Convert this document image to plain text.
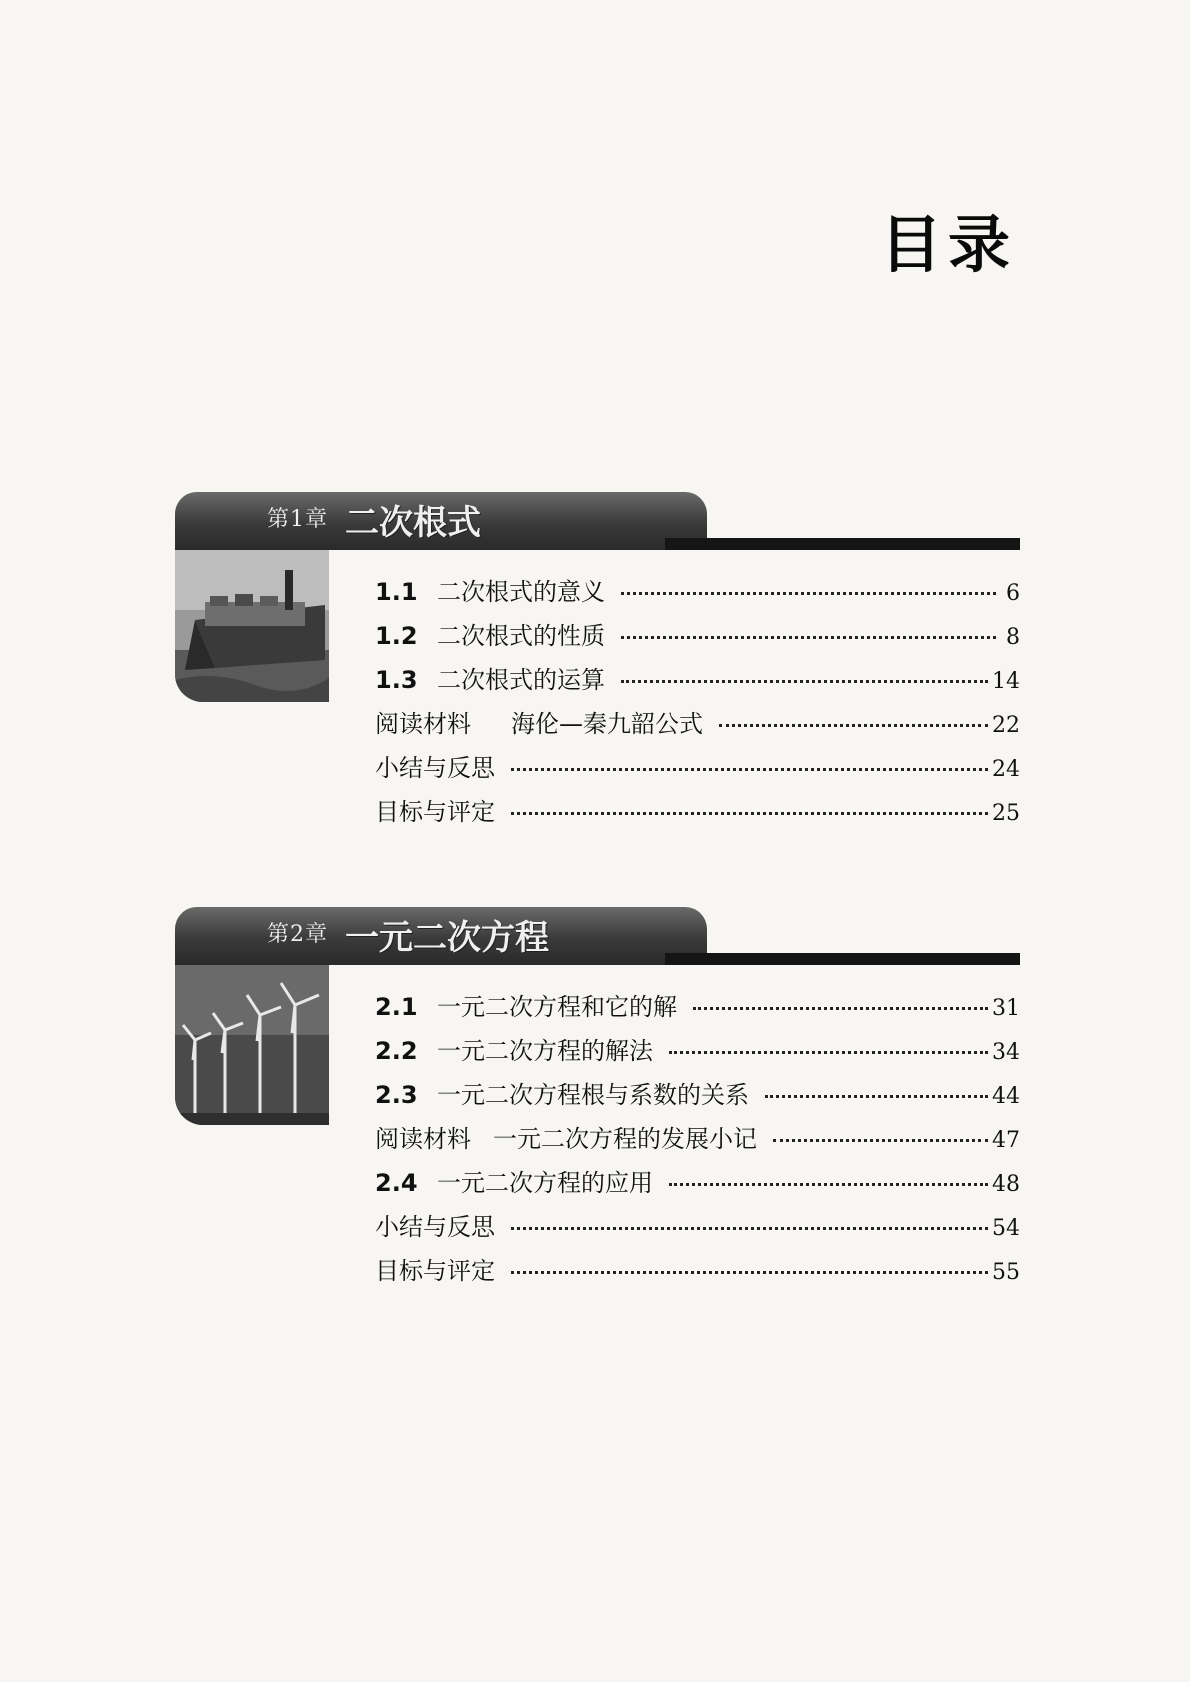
目录
第1章 二次根式
1.1 二次根式的意义	6
1.2 二次根式的性质	8
1.3 二次根式的运算	14
阅读材料 海伦—秦九韶公式	22
小结与反思	24
目标与评定	25
第2章 一元二次方程
2.1 一元二次方程和它的解	31
2.2 一元二次方程的解法	34
2.3 一元二次方程根与系数的关系	44
阅读材料 一元二次方程的发展小记	47
2.4 一元二次方程的应用	48
小结与反思	54
目标与评定	55
